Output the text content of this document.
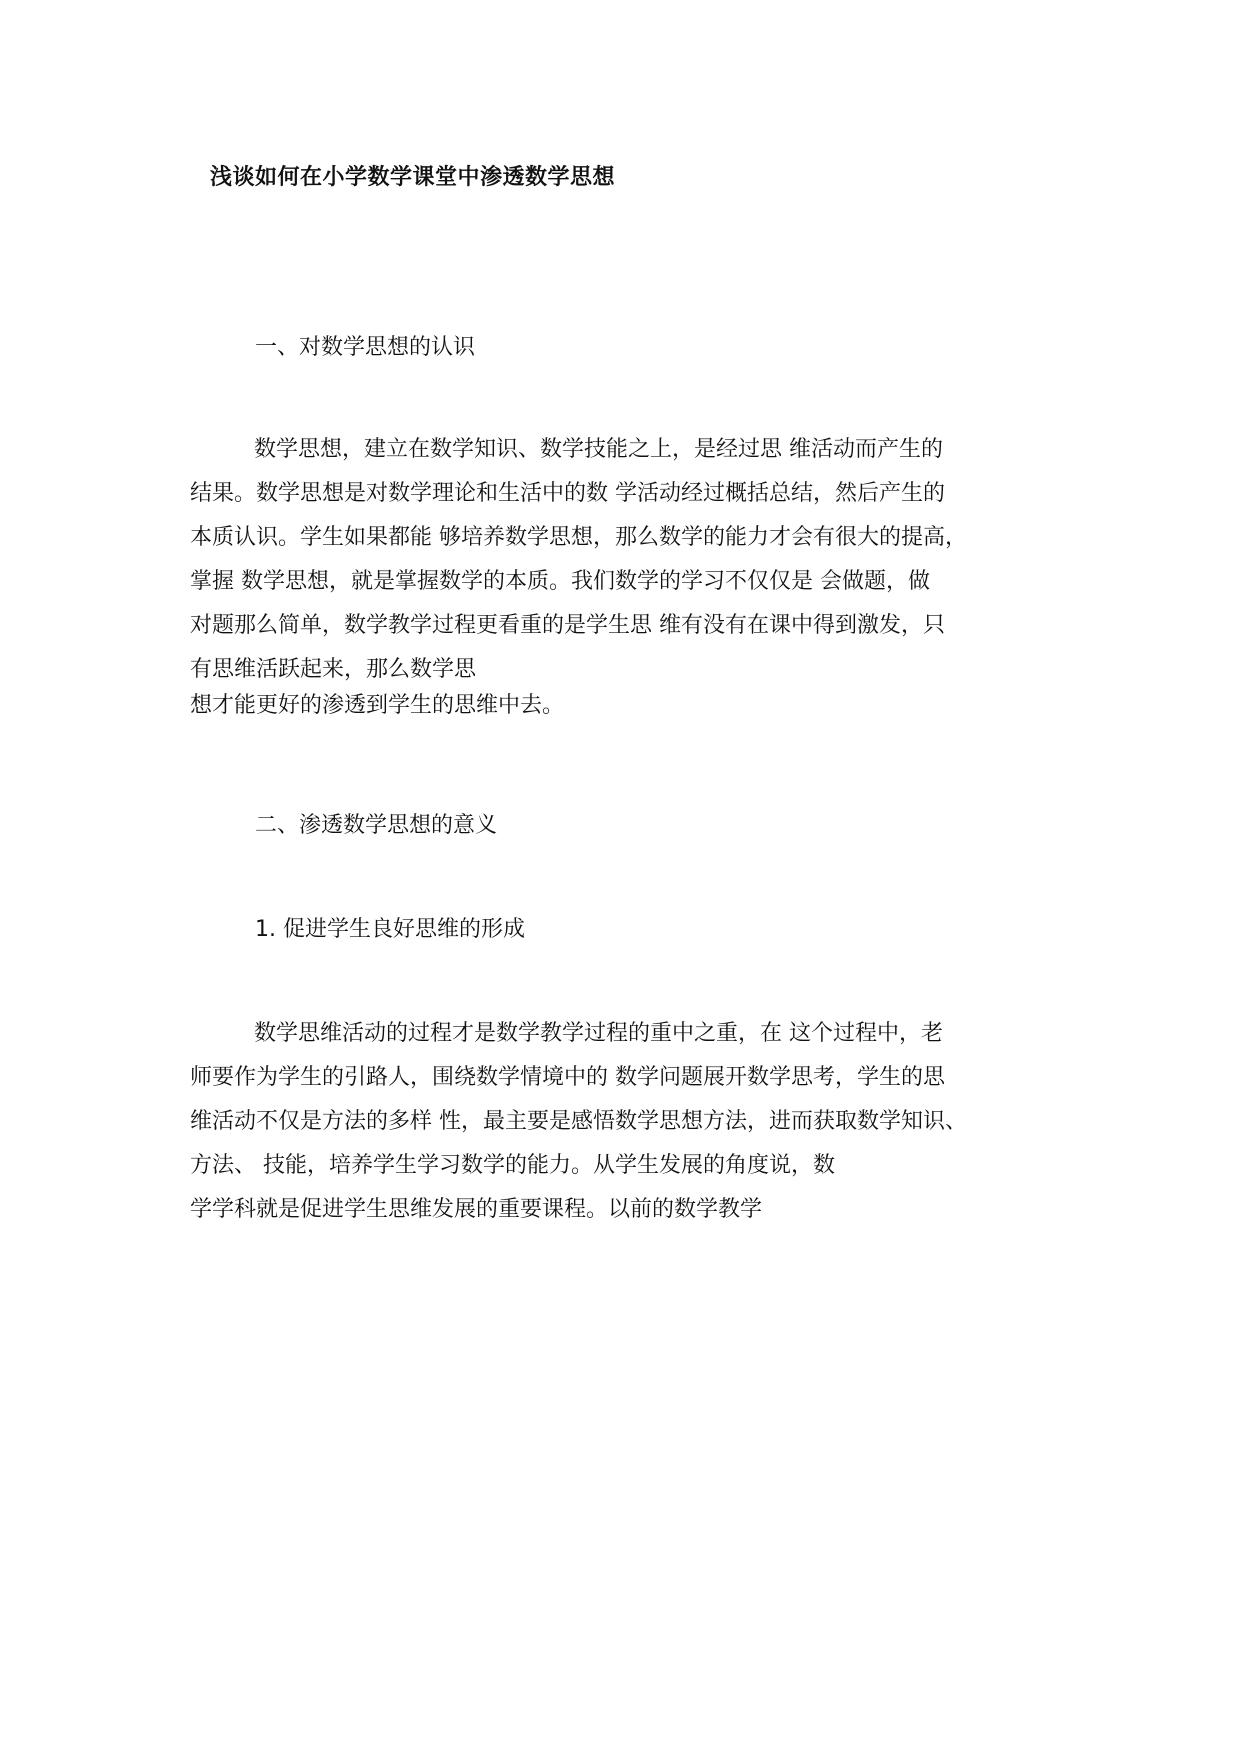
浅谈如何在小学数学课堂中渗透数学思想
一、对数学思想的认识
数学思想，建立在数学知识、数学技能之上，是经过思 维活动而产生的
结果。数学思想是对数学理论和生活中的数 学活动经过概括总结，然后产生的
本质认识。学生如果都能 够培养数学思想，那么数学的能力才会有很大的提高，
掌握 数学思想，就是掌握数学的本质。我们数学的学习不仅仅是 会做题，做
对题那么简单，数学教学过程更看重的是学生思 维有没有在课中得到激发，只
有思维活跃起来，那么数学思
想才能更好的渗透到学生的思维中去。
二、渗透数学思想的意义
1. 促进学生良好思维的形成
数学思维活动的过程才是数学教学过程的重中之重，在 这个过程中，老
师要作为学生的引路人，围绕数学情境中的 数学问题展开数学思考，学生的思
维活动不仅是方法的多样 性，最主要是感悟数学思想方法，进而获取数学知识、
方法、 技能，培养学生学习数学的能力。从学生发展的角度说，数
学学科就是促进学生思维发展的重要课程。以前的数学教学
